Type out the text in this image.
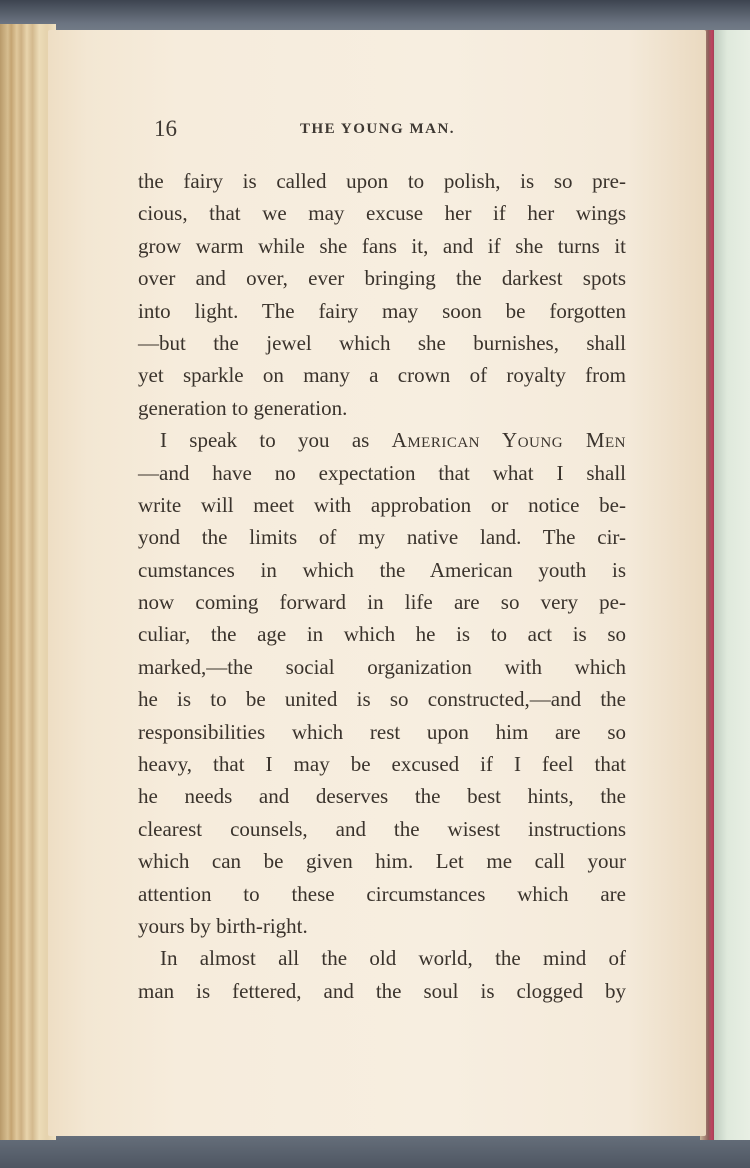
16	THE YOUNG MAN.
the fairy is called upon to polish, is so pre-
cious, that we may excuse her if her wings
grow warm while she fans it, and if she turns it
over and over, ever bringing the darkest spots
into light. The fairy may soon be forgotten
—but the jewel which she burnishes, shall
yet sparkle on many a crown of royalty from
generation to generation.
I speak to you as American Young Men
—and have no expectation that what I shall
write will meet with approbation or notice be-
yond the limits of my native land. The cir-
cumstances in which the American youth is
now coming forward in life are so very pe-
culiar, the age in which he is to act is so
marked,—the social organization with which
he is to be united is so constructed,—and the
responsibilities which rest upon him are so
heavy, that I may be excused if I feel that
he needs and deserves the best hints, the
clearest counsels, and the wisest instructions
which can be given him. Let me call your
attention to these circumstances which are
yours by birth-right.
In almost all the old world, the mind of
man is fettered, and the soul is clogged by
